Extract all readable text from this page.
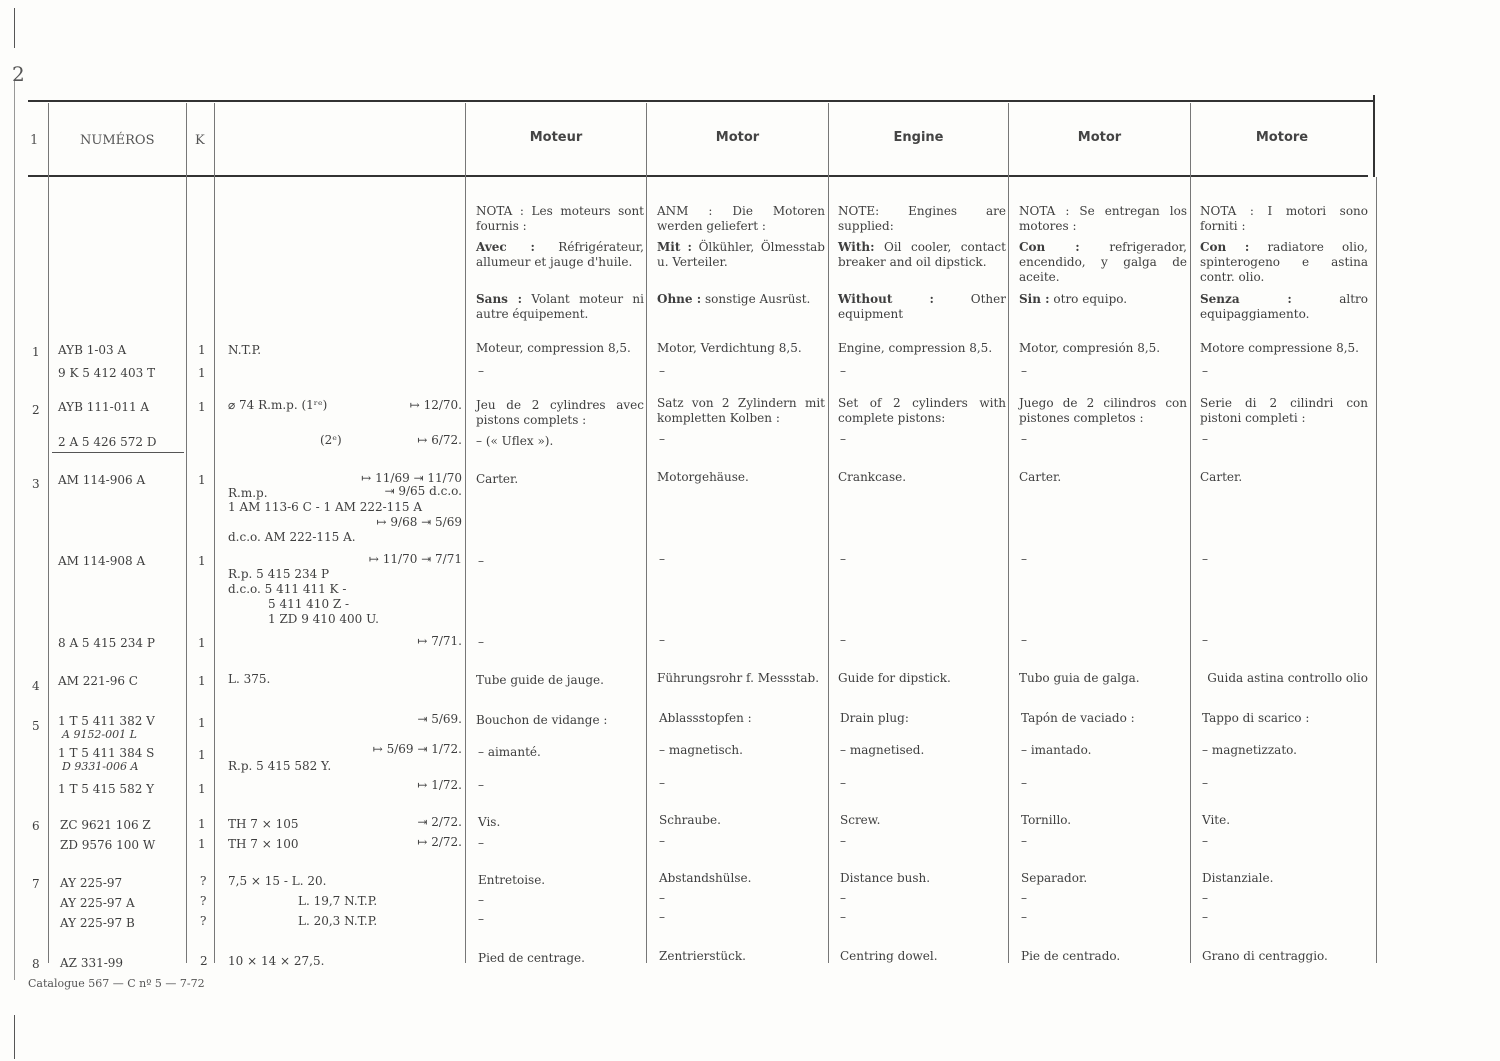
2
1	NUMÉROS	K	Moteur	Motor	Engine	Motor	Motore
NOTA : Les moteurs sont fournis :
ANM : Die Motoren werden geliefert :
NOTE: Engines are supplied:
NOTA : Se entregan los motores :
NOTA : I motori sono forniti :
Avec : Réfrigérateur, allumeur et jauge d'huile.
Mit : Ölkühler, Ölmesstab u. Verteiler.
With: Oil cooler, contact breaker and oil dipstick.
Con : refrigerador, encendido, y galga de aceite.
Con : radiatore olio, spinterogeno e astina contr. olio.
Sans : Volant moteur ni autre équipement.
Ohne : sonstige Ausrüst.	Without :	Other equipment
Sin : otro equipo.	Senza :	altro equipaggiamento.
1
2
3
4
5
6
7
8
AYB 1-03 A	1 N.T.P.	Moteur, compression 8,5. Motor, Verdichtung 8,5.	Engine, compression 8,5. Motor, compresión 8,5.	Motore compressione 8,5.
9 K 5 412 403 T	1	–	–	–	–	–
AYB 111-011 A	1 ⌀ 74 R.m.p. (1ʳᵉ)	↦ 12/70. Jeu de 2 cylindres avec pistons complets :
Satz von 2 Zylindern mit kompletten Kolben :
Set of 2 cylinders with complete pistons:
Juego de 2 cilindros con pistones completos :
Serie di 2 cilindri con pistoni completi :
2 A 5 426 572 D	(2ᵉ)	↦ 6/72. – (« Uflex »).	–	–	–	–
AM 114-906 A	1	↦ 11/69 ⇥ 11/70
R.m.p.	⇥ 9/65 d.c.o.
1 AM 113-6 C - 1 AM 222-115 A
↦ 9/68 ⇥ 5/69
d.c.o. AM 222-115 A.
Carter.	Motorgehäuse.	Crankcase.	Carter.	Carter.
AM 114-908 A	1	↦ 11/70 ⇥ 7/71
R.p. 5 415 234 P
d.c.o. 5 411 411 K -
5 411 410 Z -
1 ZD 9 410 400 U.
–	–	–	–	–
8 A 5 415 234 P	1	↦ 7/71. –	–	–	–	–
AM 221-96 C	1 L. 375.	Tube guide de jauge.	Führungsrohr f. Messstab. Guide for dipstick.	Tubo guia de galga.	Guida astina controllo olio
1 T 5 411 382 V
A 9152-001 L
1	⇥ 5/69. Bouchon de vidange :	Ablassstopfen :	Drain plug:	Tapón de vaciado :	Tappo di scarico :
1 T 5 411 384 S
D 9331-006 A
1	↦ 5/69 ⇥ 1/72.
R.p. 5 415 582 Y.
– aimanté.	– magnetisch.	– magnetised.	– imantado.	– magnetizzato.
1 T 5 415 582 Y	1	↦ 1/72. –	–	–	–	–
ZC 9621 106 Z	1 TH 7 × 105	⇥ 2/72. Vis.	Schraube.	Screw.	Tornillo.	Vite.
ZD 9576 100 W	1 TH 7 × 100	↦ 2/72. –	–	–	–	–
AY 225-97	? 7,5 × 15 - L. 20.	Entretoise.	Abstandshülse.	Distance bush.	Separador.	Distanziale.
AY 225-97 A	?	L. 19,7 N.T.P.	–	–	–	–	–
AY 225-97 B	?	L. 20,3 N.T.P.	–	–	–	–	–
AZ 331-99	2 10 × 14 × 27,5.	Pied de centrage.	Zentrierstück.	Centring dowel.	Pie de centrado.	Grano di centraggio.
Catalogue 567 — C nº 5 — 7-72
